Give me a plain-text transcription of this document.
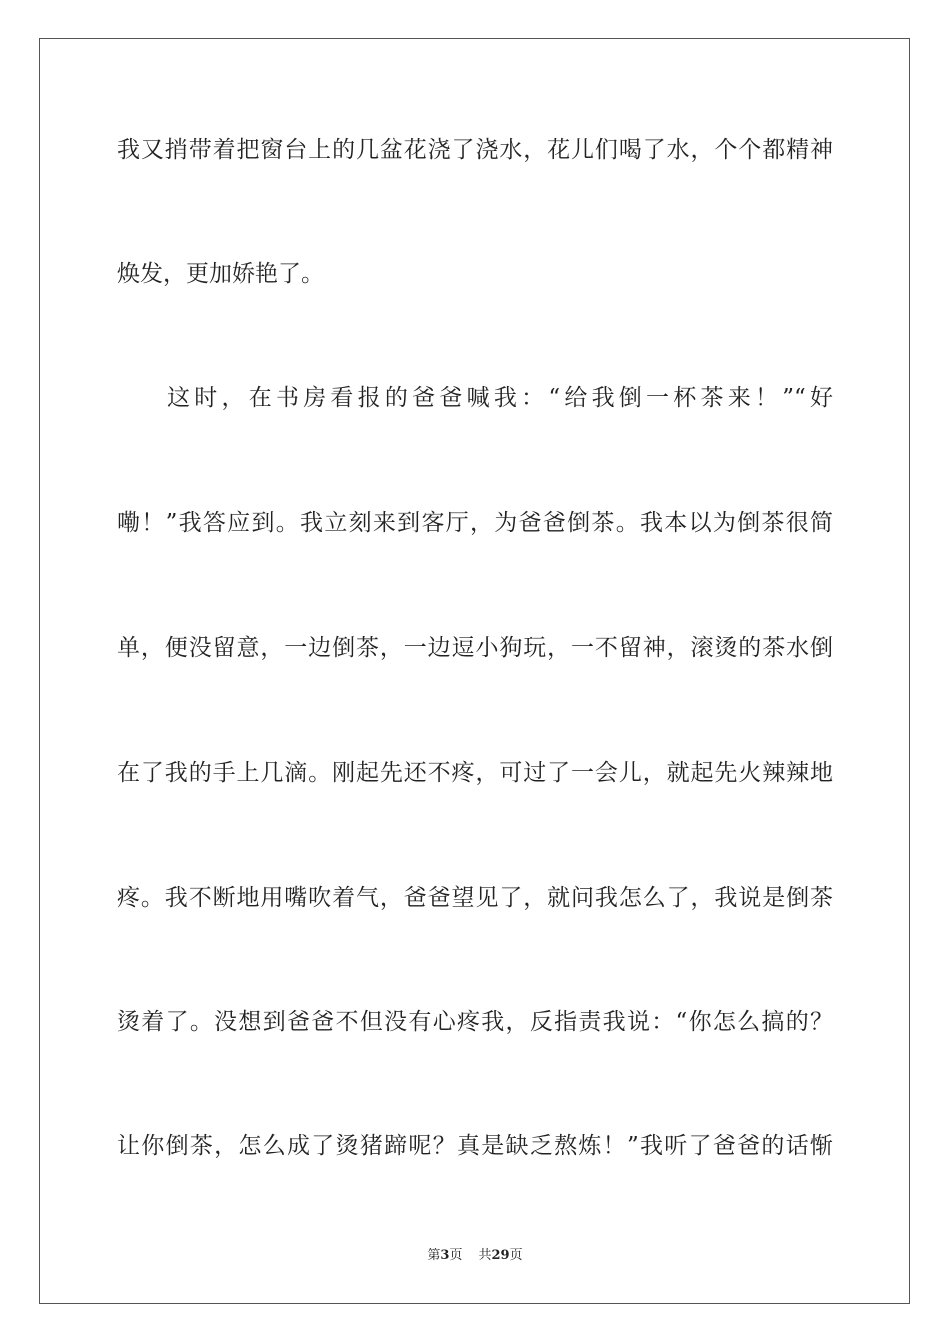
我又捎带着把窗台上的几盆花浇了浇水，花儿们喝了水，个个都精神
焕发，更加娇艳了。
这时，在书房看报的爸爸喊我：“给我倒一杯茶来！”“好
嘞！”我答应到。我立刻来到客厅，为爸爸倒茶。我本以为倒茶很简
单，便没留意，一边倒茶，一边逗小狗玩，一不留神，滚烫的茶水倒
在了我的手上几滴。刚起先还不疼，可过了一会儿，就起先火辣辣地
疼。我不断地用嘴吹着气，爸爸望见了，就问我怎么了，我说是倒茶
烫着了。没想到爸爸不但没有心疼我，反指责我说：“你怎么搞的？
让你倒茶，怎么成了烫猪蹄呢？真是缺乏熬炼！”我听了爸爸的话惭
第3页 共29页
